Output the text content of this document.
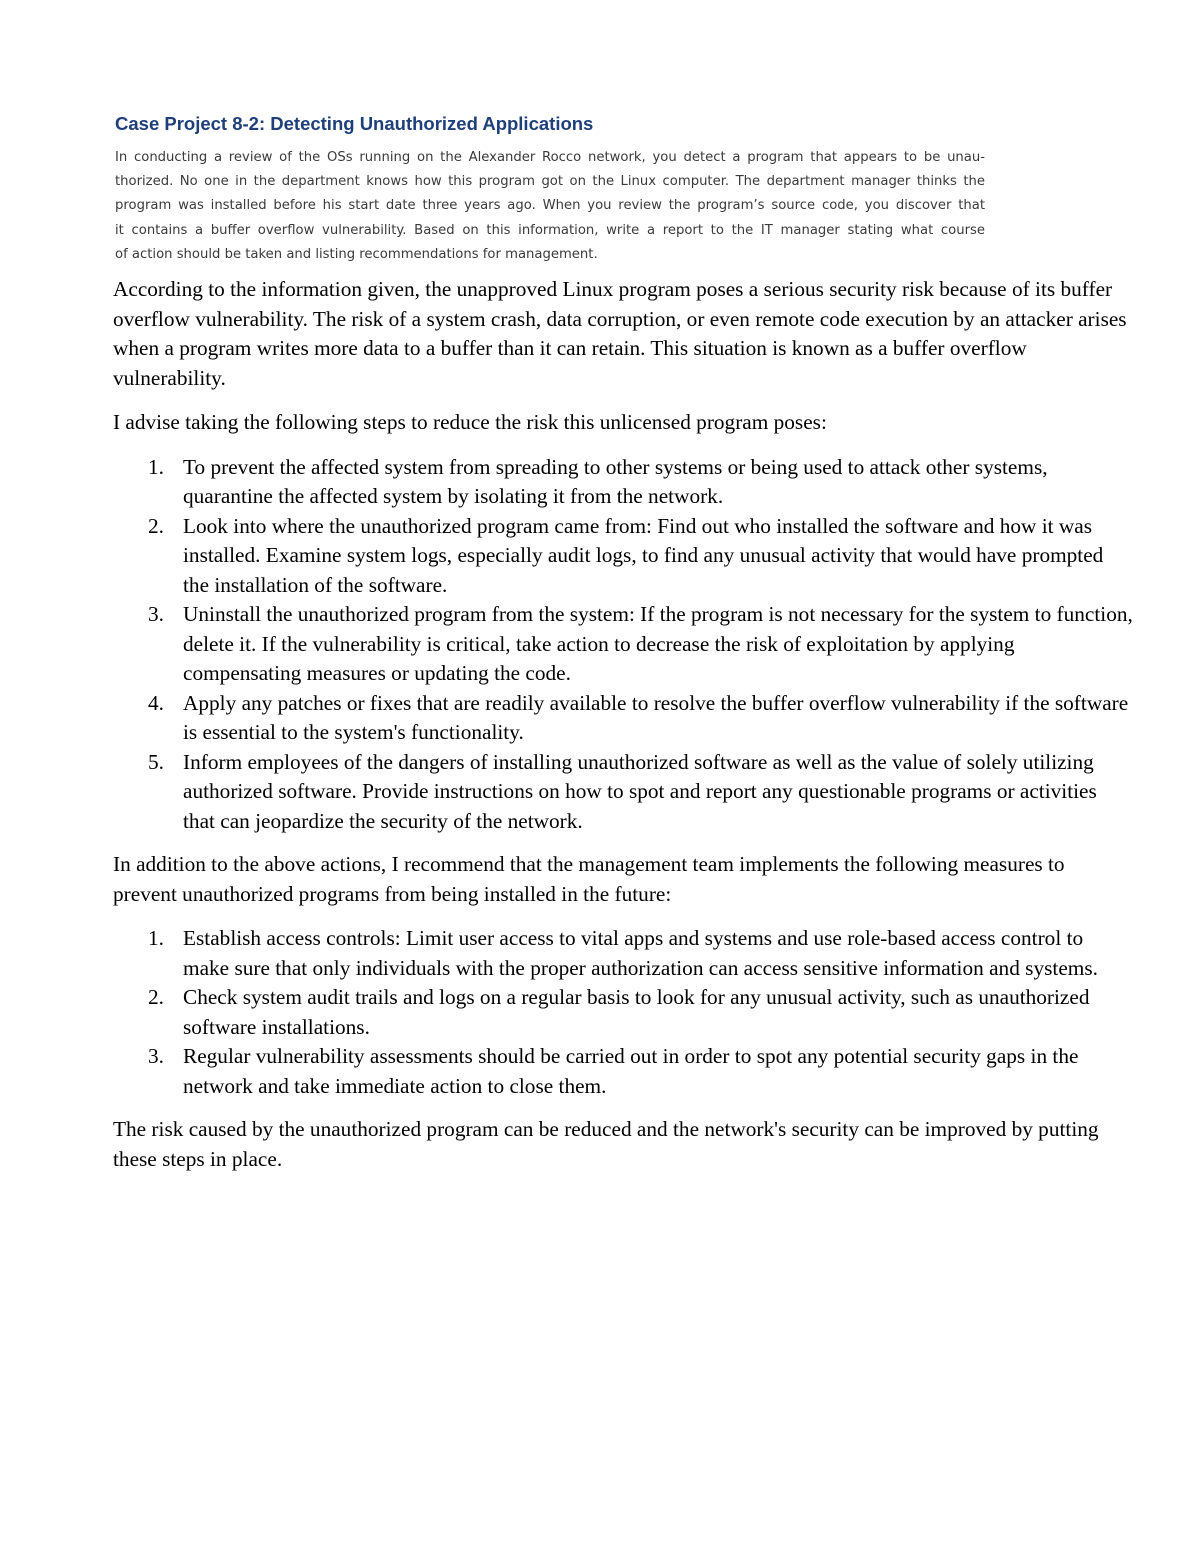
Case Project 8-2: Detecting Unauthorized Applications
In conducting a review of the OSs running on the Alexander Rocco network, you detect a program that appears to be unau-
thorized. No one in the department knows how this program got on the Linux computer. The department manager thinks the
program was installed before his start date three years ago. When you review the program’s source code, you discover that
it contains a buffer overflow vulnerability. Based on this information, write a report to the IT manager stating what course
of action should be taken and listing recommendations for management.

According to the information given, the unapproved Linux program poses a serious security risk because of its buffer overflow vulnerability. The risk of a system crash, data corruption, or even remote code execution by an attacker arises when a program writes more data to a buffer than it can retain. This situation is known as a buffer overflow vulnerability.

I advise taking the following steps to reduce the risk this unlicensed program poses:

1. To prevent the affected system from spreading to other systems or being used to attack other systems, quarantine the affected system by isolating it from the network.
2. Look into where the unauthorized program came from: Find out who installed the software and how it was installed. Examine system logs, especially audit logs, to find any unusual activity that would have prompted the installation of the software.
3. Uninstall the unauthorized program from the system: If the program is not necessary for the system to function, delete it. If the vulnerability is critical, take action to decrease the risk of exploitation by applying compensating measures or updating the code.
4. Apply any patches or fixes that are readily available to resolve the buffer overflow vulnerability if the software is essential to the system's functionality.
5. Inform employees of the dangers of installing unauthorized software as well as the value of solely utilizing authorized software. Provide instructions on how to spot and report any questionable programs or activities that can jeopardize the security of the network.

In addition to the above actions, I recommend that the management team implements the following measures to prevent unauthorized programs from being installed in the future:

1. Establish access controls: Limit user access to vital apps and systems and use role-based access control to make sure that only individuals with the proper authorization can access sensitive information and systems.
2. Check system audit trails and logs on a regular basis to look for any unusual activity, such as unauthorized software installations.
3. Regular vulnerability assessments should be carried out in order to spot any potential security gaps in the network and take immediate action to close them.

The risk caused by the unauthorized program can be reduced and the network's security can be improved by putting these steps in place.
